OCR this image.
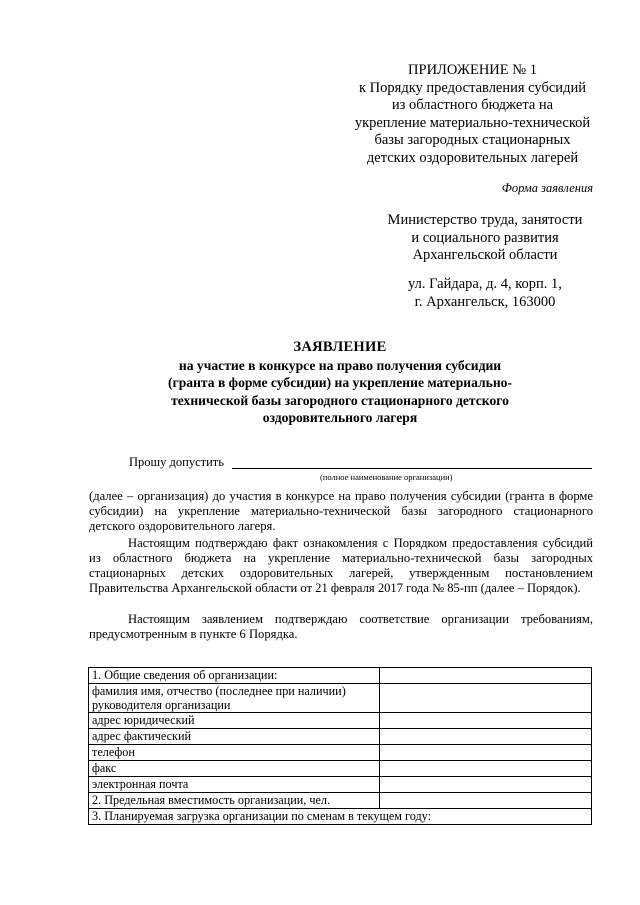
ПРИЛОЖЕНИЕ № 1
к Порядку предоставления субсидий
из областного бюджета на
укрепление материально-технической
базы загородных стационарных
детских оздоровительных лагерей
Форма заявления
Министерство труда, занятости
и социального развития
Архангельской области
ул. Гайдара, д. 4, корп. 1,
г. Архангельск, 163000
ЗАЯВЛЕНИЕ
на участие в конкурсе на право получения субсидии
(гранта в форме субсидии) на укрепление материально-
технической базы загородного стационарного детского
оздоровительного лагеря
Прошу допустить
(полное наименование организации)
(далее – организация) до участия в конкурсе на право получения субсидии (гранта в форме субсидии) на укрепление материально-технической базы загородного стационарного детского оздоровительного лагеря.
Настоящим подтверждаю факт ознакомления с Порядком предоставления субсидий из областного бюджета на укрепление материально-технической базы загородных стационарных детских оздоровительных лагерей, утвержденным постановлением Правительства Архангельской области от 21 февраля 2017 года № 85-пп (далее – Порядок).
Настоящим заявлением подтверждаю соответствие организации требованиям, предусмотренным в пункте 6 Порядка.
1. Общие сведения об организации:	
фамилия имя, отчество (последнее при наличии) руководителя организации	
адрес юридический	
адрес фактический	
телефон	
факс	
электронная почта	
2. Предельная вместимость организации, чел.	
3. Планируемая загрузка организации по сменам в текущем году:	
